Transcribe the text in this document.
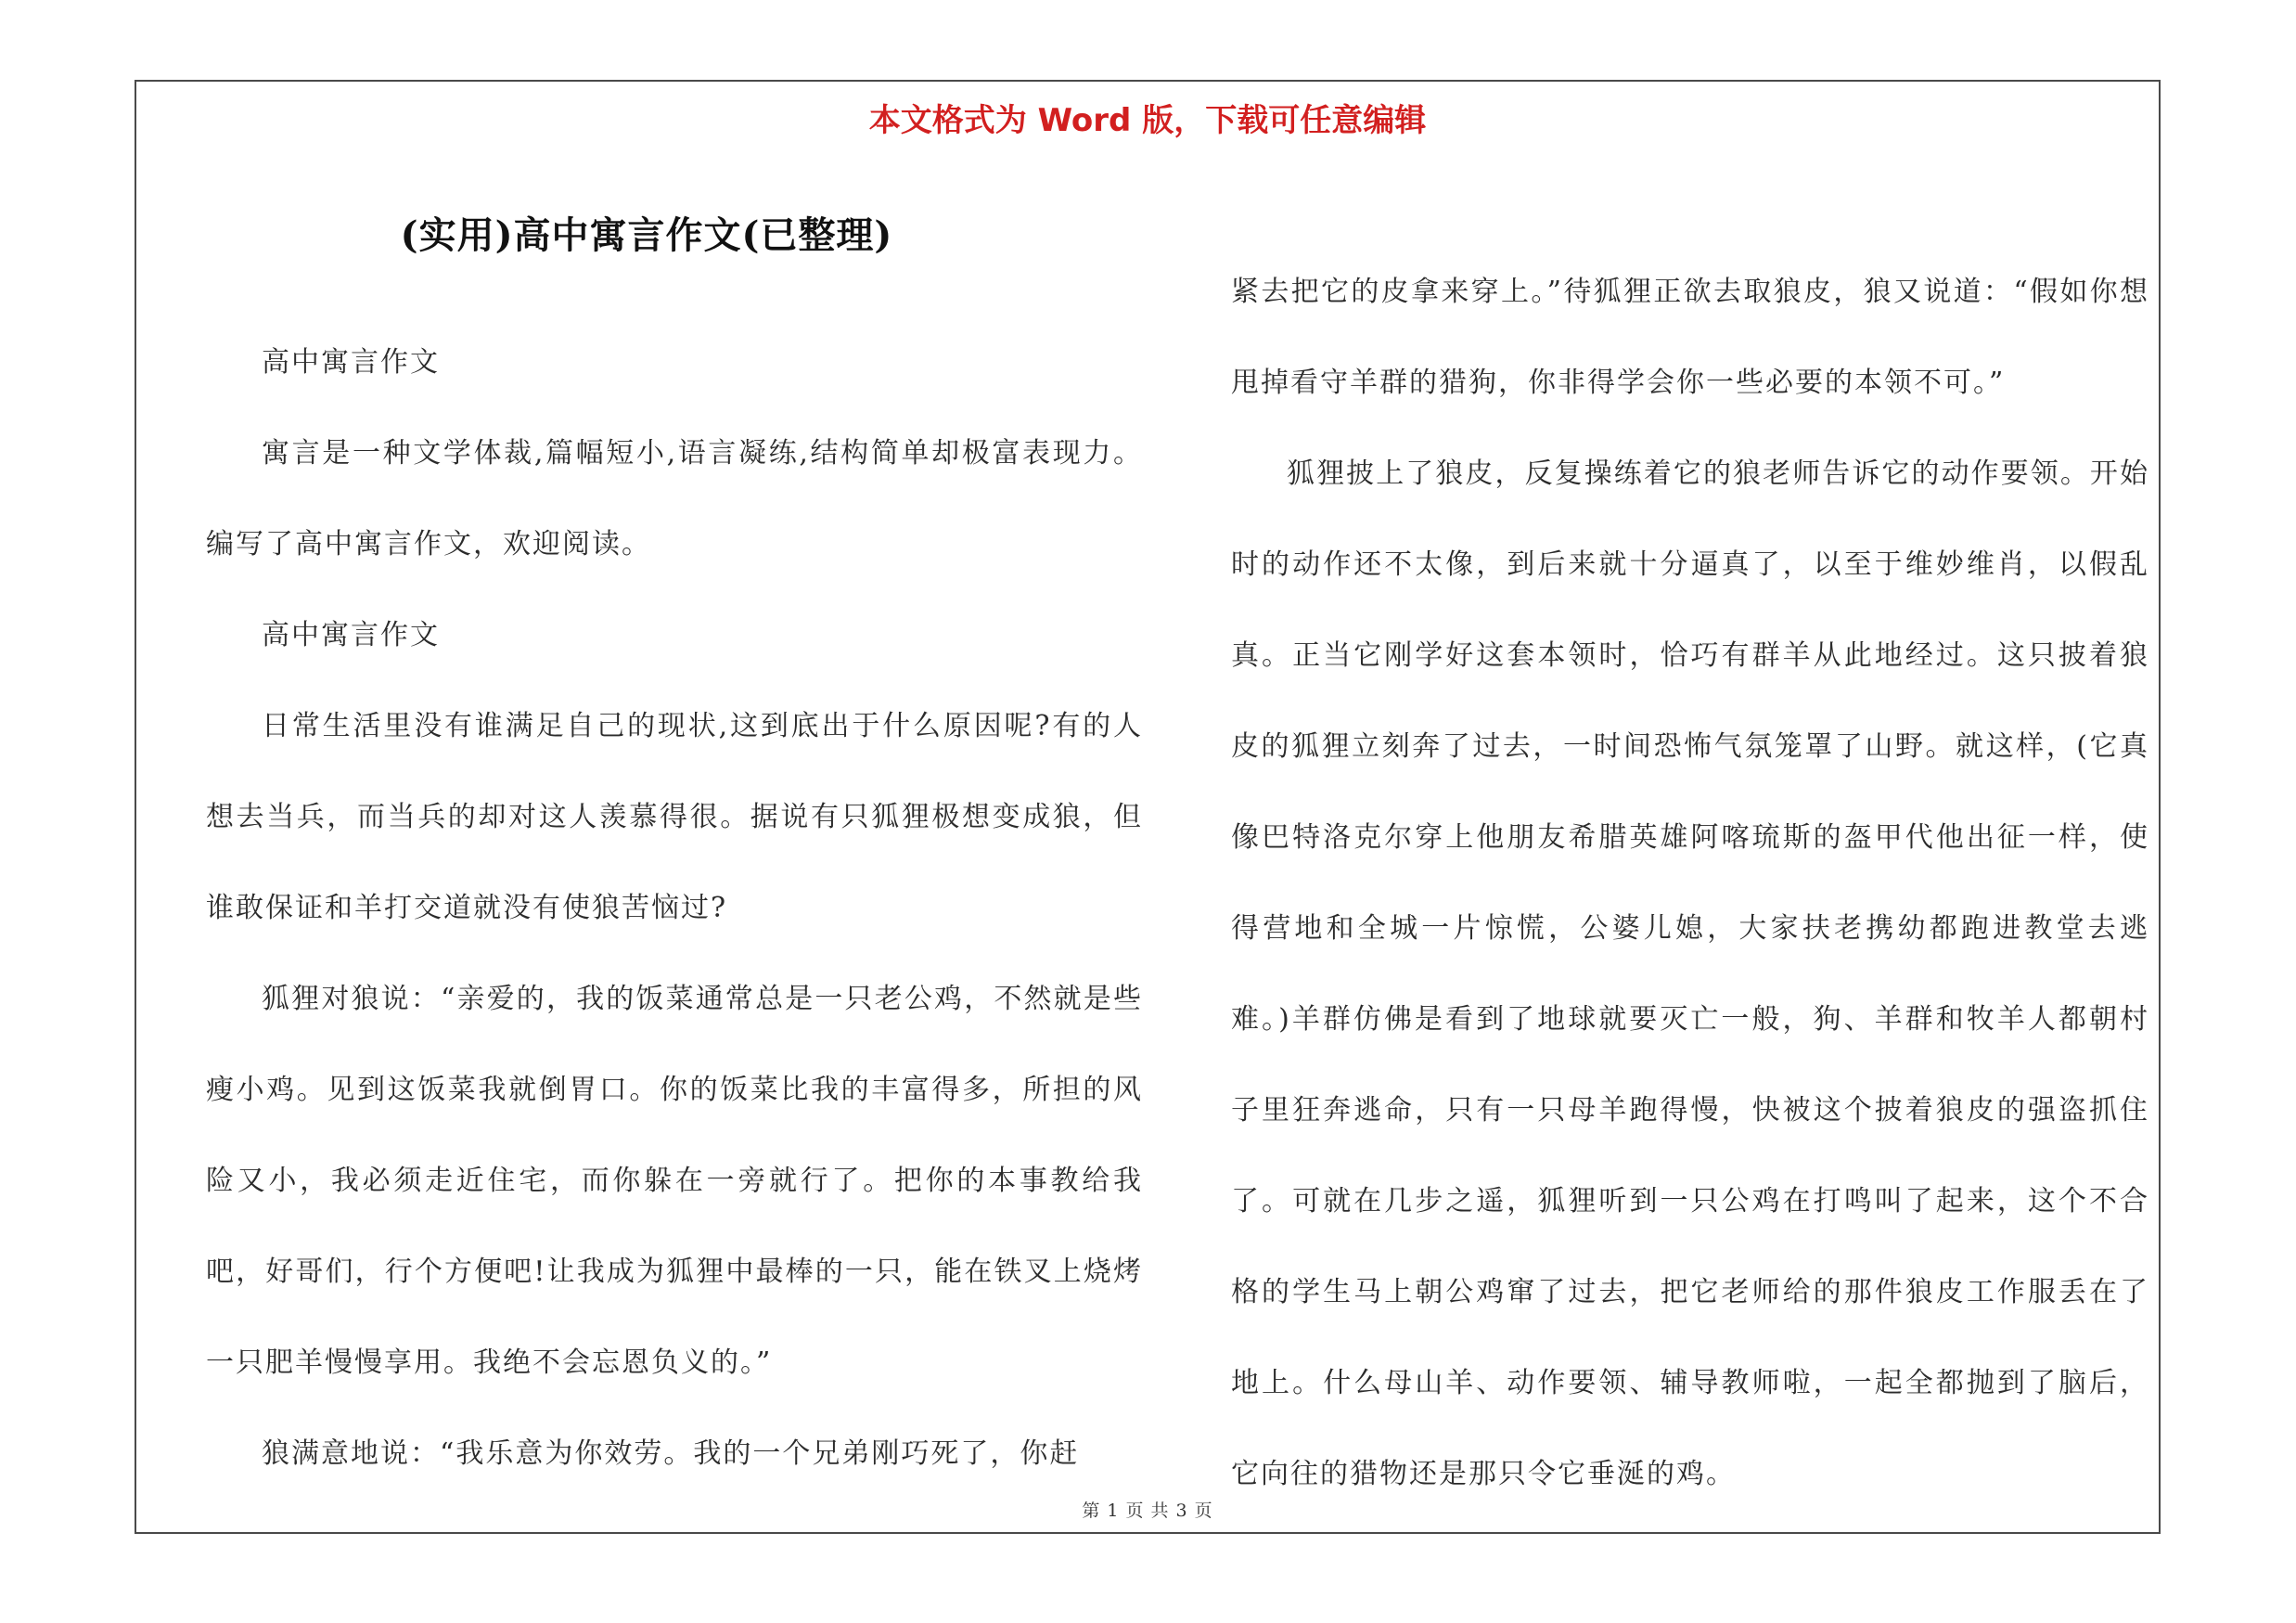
本文格式为 Word 版，下载可任意编辑
(实用)高中寓言作文(已整理)

高中寓言作文

寓言是一种文学体裁,篇幅短小,语言凝练,结构简单却极富表现力。编写了高中寓言作文，欢迎阅读。

高中寓言作文

日常生活里没有谁满足自己的现状,这到底出于什么原因呢?有的人想去当兵，而当兵的却对这人羡慕得很。据说有只狐狸极想变成狼，但谁敢保证和羊打交道就没有使狼苦恼过?

狐狸对狼说：“亲爱的，我的饭菜通常总是一只老公鸡，不然就是些瘦小鸡。见到这饭菜我就倒胃口。你的饭菜比我的丰富得多，所担的风险又小，我必须走近住宅，而你躲在一旁就行了。把你的本事教给我吧，好哥们，行个方便吧!让我成为狐狸中最棒的一只，能在铁叉上烧烤一只肥羊慢慢享用。我绝不会忘恩负义的。”

狼满意地说：“我乐意为你效劳。我的一个兄弟刚巧死了，你赶

紧去把它的皮拿来穿上。”待狐狸正欲去取狼皮，狼又说道：“假如你想甩掉看守羊群的猎狗，你非得学会你一些必要的本领不可。”

狐狸披上了狼皮，反复操练着它的狼老师告诉它的动作要领。开始时的动作还不太像，到后来就十分逼真了，以至于维妙维肖，以假乱真。正当它刚学好这套本领时，恰巧有群羊从此地经过。这只披着狼皮的狐狸立刻奔了过去，一时间恐怖气氛笼罩了山野。就这样，(它真像巴特洛克尔穿上他朋友希腊英雄阿喀琉斯的盔甲代他出征一样，使得营地和全城一片惊慌，公婆儿媳，大家扶老携幼都跑进教堂去逃难。)羊群仿佛是看到了地球就要灭亡一般，狗、羊群和牧羊人都朝村子里狂奔逃命，只有一只母羊跑得慢，快被这个披着狼皮的强盗抓住了。可就在几步之遥，狐狸听到一只公鸡在打鸣叫了起来，这个不合格的学生马上朝公鸡窜了过去，把它老师给的那件狼皮工作服丢在了地上。什么母山羊、动作要领、辅导教师啦，一起全都抛到了脑后，它向往的猎物还是那只令它垂涎的鸡。

第 1 页 共 3 页
